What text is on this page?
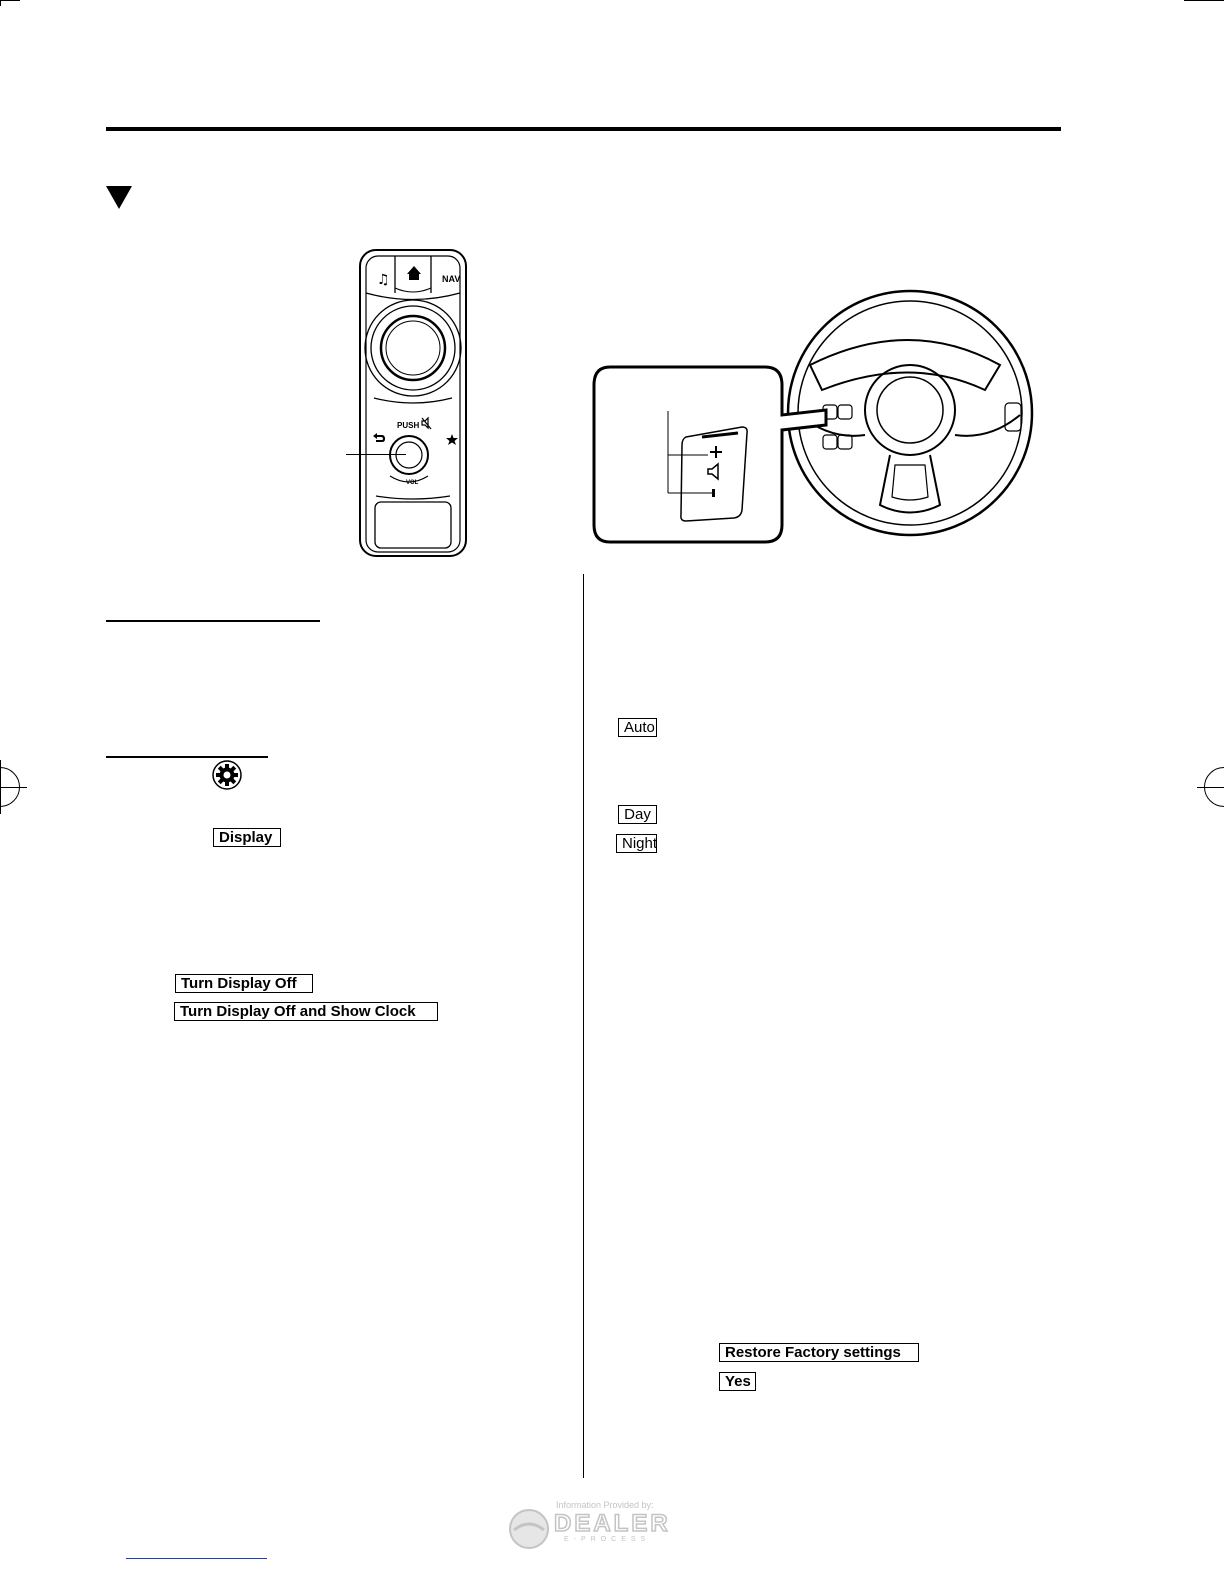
♫	NAV
PUSH
VOL
Display
Turn Display Off
Turn Display Off and Show Clock
Auto
Day
Night
Restore Factory settings
Yes
Information Provided by:
DEALER
E-PROCESS
